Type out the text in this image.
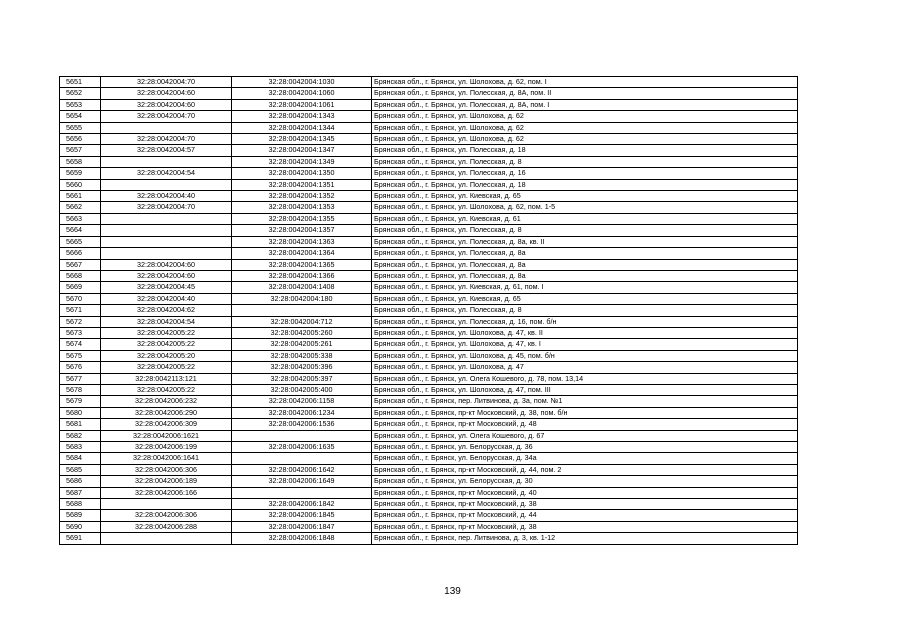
5651	32:28:0042004:70	32:28:0042004:1030	Брянская обл., г. Брянск, ул. Шолохова, д. 62, пом. I
5652	32:28:0042004:60	32:28:0042004:1060	Брянская обл., г. Брянск, ул. Полесская, д. 8А, пом. II
5653	32:28:0042004:60	32:28:0042004:1061	Брянская обл., г. Брянск, ул. Полесская, д. 8А, пом. I
5654	32:28:0042004:70	32:28:0042004:1343	Брянская обл., г. Брянск, ул. Шолохова, д. 62
5655		32:28:0042004:1344	Брянская обл., г. Брянск, ул. Шолохова, д. 62
5656	32:28:0042004:70	32:28:0042004:1345	Брянская обл., г. Брянск, ул. Шолохова, д. 62
5657	32:28:0042004:57	32:28:0042004:1347	Брянская обл., г. Брянск, ул. Полесская, д. 18
5658		32:28:0042004:1349	Брянская обл., г. Брянск, ул. Полесская, д. 8
5659	32:28:0042004:54	32:28:0042004:1350	Брянская обл., г. Брянск, ул. Полесская, д. 16
5660		32:28:0042004:1351	Брянская обл., г. Брянск, ул. Полесская, д. 18
5661	32:28:0042004:40	32:28:0042004:1352	Брянская обл., г. Брянск, ул. Киевская, д. 65
5662	32:28:0042004:70	32:28:0042004:1353	Брянская обл., г. Брянск, ул. Шолохова, д. 62, пом. 1-5
5663		32:28:0042004:1355	Брянская обл., г. Брянск, ул. Киевская, д. 61
5664		32:28:0042004:1357	Брянская обл., г. Брянск, ул. Полесская, д. 8
5665		32:28:0042004:1363	Брянская обл., г. Брянск, ул. Полесская, д. 8а, кв. II
5666		32:28:0042004:1364	Брянская обл., г. Брянск, ул. Полесская, д. 8а
5667	32:28:0042004:60	32:28:0042004:1365	Брянская обл., г. Брянск, ул. Полесская, д. 8а
5668	32:28:0042004:60	32:28:0042004:1366	Брянская обл., г. Брянск, ул. Полесская, д. 8а
5669	32:28:0042004:45	32:28:0042004:1408	Брянская обл., г. Брянск, ул. Киевская, д. 61, пом. I
5670	32:28:0042004:40	32:28:0042004:180	Брянская обл., г. Брянск, ул. Киевская, д. 65
5671	32:28:0042004:62		Брянская обл., г. Брянск, ул. Полесская, д. 8
5672	32:28:0042004:54	32:28:0042004:712	Брянская обл., г. Брянск, ул. Полесская, д. 16, пом. б/н
5673	32:28:0042005:22	32:28:0042005:260	Брянская обл., г. Брянск, ул. Шолохова, д. 47, кв. II
5674	32:28:0042005:22	32:28:0042005:261	Брянская обл., г. Брянск, ул. Шолохова, д. 47, кв. I
5675	32:28:0042005:20	32:28:0042005:338	Брянская обл., г. Брянск, ул. Шолохова, д. 45, пом. б/н
5676	32:28:0042005:22	32:28:0042005:396	Брянская обл., г. Брянск, ул. Шолохова, д. 47
5677	32:28:0042113:121	32:28:0042005:397	Брянская обл., г. Брянск, ул. Олега Кошевого, д. 78, пом. 13,14
5678	32:28:0042005:22	32:28:0042005:400	Брянская обл., г. Брянск, ул. Шолохова, д. 47, пом. III
5679	32:28:0042006:232	32:28:0042006:1158	Брянская обл., г. Брянск, пер. Литвинова, д. 3а, пом. №1
5680	32:28:0042006:290	32:28:0042006:1234	Брянская обл., г. Брянск, пр-кт Московский, д. 38, пом. б/н
5681	32:28:0042006:309	32:28:0042006:1536	Брянская обл., г. Брянск, пр-кт Московский, д. 48
5682	32:28:0042006:1621		Брянская обл., г. Брянск, ул. Олега Кошевого, д. 67
5683	32:28:0042006:199	32:28:0042006:1635	Брянская обл., г. Брянск, ул. Белорусская, д. 36
5684	32:28:0042006:1641		Брянская обл., г. Брянск, ул. Белорусская, д. 34а
5685	32:28:0042006:306	32:28:0042006:1642	Брянская обл., г. Брянск, пр-кт Московский, д. 44, пом. 2
5686	32:28:0042006:189	32:28:0042006:1649	Брянская обл., г. Брянск, ул. Белорусская, д. 30
5687	32:28:0042006:166		Брянская обл., г. Брянск, пр-кт Московский, д. 40
5688		32:28:0042006:1842	Брянская обл., г. Брянск, пр-кт Московский, д. 38
5689	32:28:0042006:306	32:28:0042006:1845	Брянская обл., г. Брянск, пр-кт Московский, д. 44
5690	32:28:0042006:288	32:28:0042006:1847	Брянская обл., г. Брянск, пр-кт Московский, д. 38
5691		32:28:0042006:1848	Брянская обл., г. Брянск, пер. Литвинова, д. 3, кв. 1-12
139
